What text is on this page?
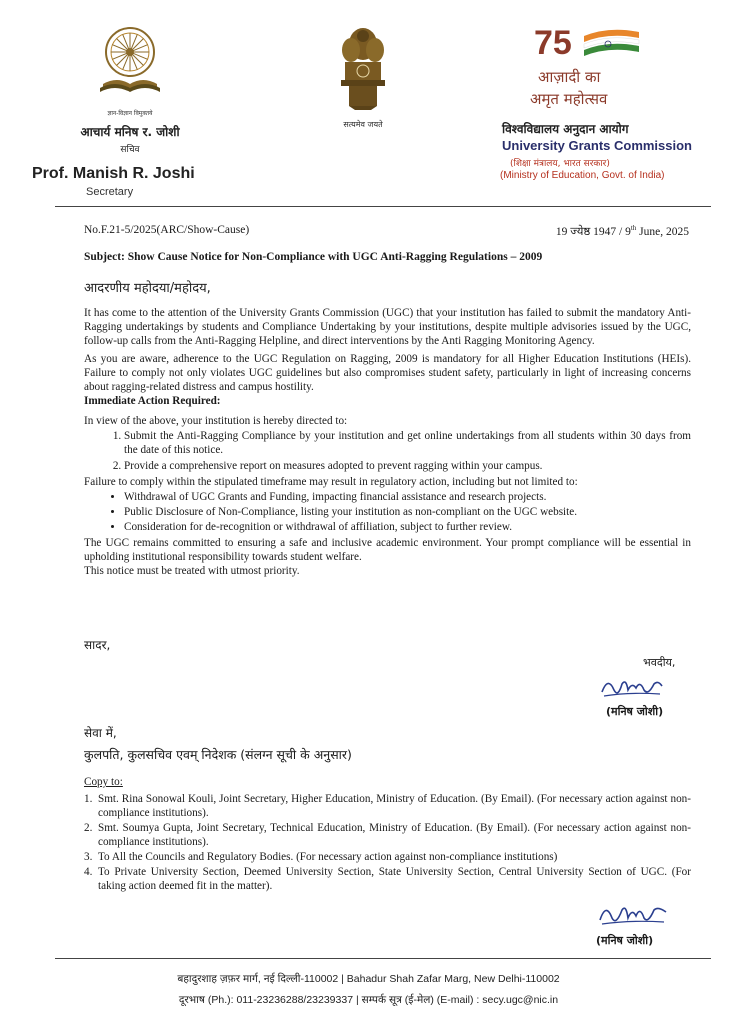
ज्ञान-विज्ञान विमुक्तये
आचार्य मनिष र. जोशी
सचिव
Prof. Manish R. Joshi
Secretary
सत्यमेव जयते
75
आज़ादी का
अमृत महोत्सव
विश्वविद्यालय अनुदान आयोग
University Grants Commission
(शिक्षा मंत्रालय, भारत सरकार)
(Ministry of Education, Govt. of India)
No.F.21-5/2025(ARC/Show-Cause)	19 ज्येष्ठ 1947 / 9th June, 2025
Subject: Show Cause Notice for Non-Compliance with UGC Anti-Ragging Regulations – 2009
आदरणीय महोदया/महोदय,

It has come to the attention of the University Grants Commission (UGC) that your institution has failed to submit the mandatory Anti-Ragging undertakings by students and Compliance Undertaking by your institutions, despite multiple advisories issued by the UGC, follow-up calls from the Anti-Ragging Helpline, and direct interventions by the Anti Ragging Monitoring Agency.

As you are aware, adherence to the UGC Regulation on Ragging, 2009 is mandatory for all Higher Education Institutions (HEIs). Failure to comply not only violates UGC guidelines but also compromises student safety, particularly in light of increasing concerns about ragging-related distress and campus hostility.

Immediate Action Required:

In view of the above, your institution is hereby directed to:

1. Submit the Anti-Ragging Compliance by your institution and get online undertakings from all students within 30 days from the date of this notice.
2. Provide a comprehensive report on measures adopted to prevent ragging within your campus.

Failure to comply within the stipulated timeframe may result in regulatory action, including but not limited to:

• Withdrawal of UGC Grants and Funding, impacting financial assistance and research projects.
• Public Disclosure of Non-Compliance, listing your institution as non-compliant on the UGC website.
• Consideration for de-recognition or withdrawal of affiliation, subject to further review.

The UGC remains committed to ensuring a safe and inclusive academic environment. Your prompt compliance will be essential in upholding institutional responsibility towards student welfare.

This notice must be treated with utmost priority.

सादर,
भवदीय,
(मनिष जोशी)
सेवा में,
कुलपति, कुलसचिव एवम् निदेशक (संलग्न सूची के अनुसार)
Copy to:
1. Smt. Rina Sonowal Kouli, Joint Secretary, Higher Education, Ministry of Education. (By Email). (For necessary action against non-compliance institutions).
2. Smt. Soumya Gupta, Joint Secretary, Technical Education, Ministry of Education. (By Email). (For necessary action against non-compliance institutions).
3. To All the Councils and Regulatory Bodies. (For necessary action against non-compliance institutions)
4. To Private University Section, Deemed University Section, State University Section, Central University Section of UGC. (For taking action deemed fit in the matter).
(मनिष जोशी)
बहादुरशाह ज़फ़र मार्ग, नई दिल्ली-110002 | Bahadur Shah Zafar Marg, New Delhi-110002
दूरभाष (Ph.): 011-23236288/23239337 | सम्पर्क सूत्र (ई-मेल) (E-mail) : secy.ugc@nic.in
